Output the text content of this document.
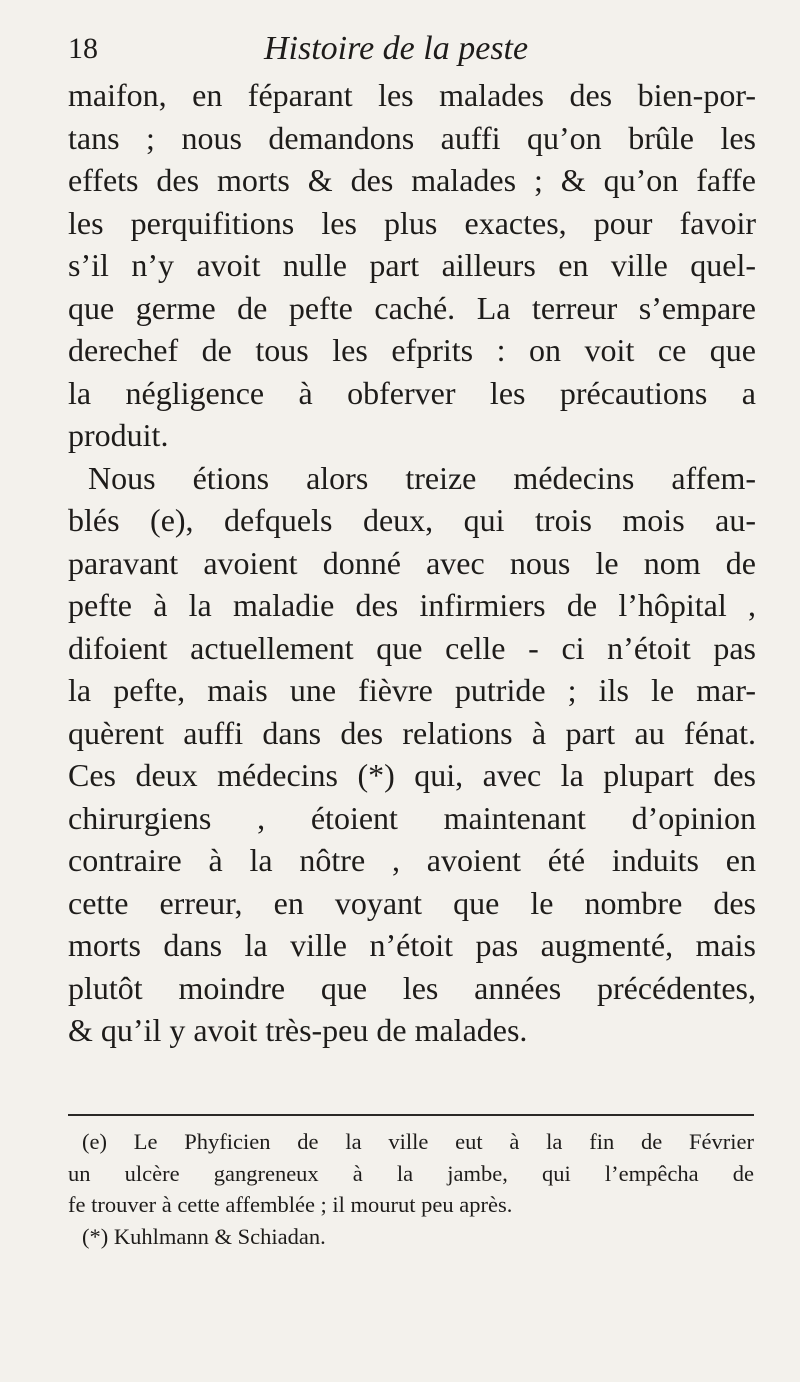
18	Histoire de la peste
maifon, en féparant les malades des bien-por-
tans ; nous demandons auffi qu’on brûle les
effets des morts & des malades ; & qu’on faffe
les perquifitions les plus exactes, pour favoir
s’il n’y avoit nulle part ailleurs en ville quel-
que germe de pefte caché. La terreur s’empare
derechef de tous les efprits : on voit ce que
la négligence à obferver les précautions a
produit.
Nous étions alors treize médecins affem-
blés (e), defquels deux, qui trois mois au-
paravant avoient donné avec nous le nom de
pefte à la maladie des infirmiers de l’hôpital ,
difoient actuellement que celle - ci n’étoit pas
la pefte, mais une fièvre putride ; ils le mar-
quèrent auffi dans des relations à part au fénat.
Ces deux médecins (*) qui, avec la plupart des
chirurgiens , étoient maintenant d’opinion
contraire à la nôtre , avoient été induits en
cette erreur, en voyant que le nombre des
morts dans la ville n’étoit pas augmenté, mais
plutôt moindre que les années précédentes,
& qu’il y avoit très-peu de malades.
(e) Le Phyficien de la ville eut à la fin de Février
un ulcère gangreneux à la jambe, qui l’empêcha de
fe trouver à cette affemblée ; il mourut peu après.
(*) Kuhlmann & Schiadan.
